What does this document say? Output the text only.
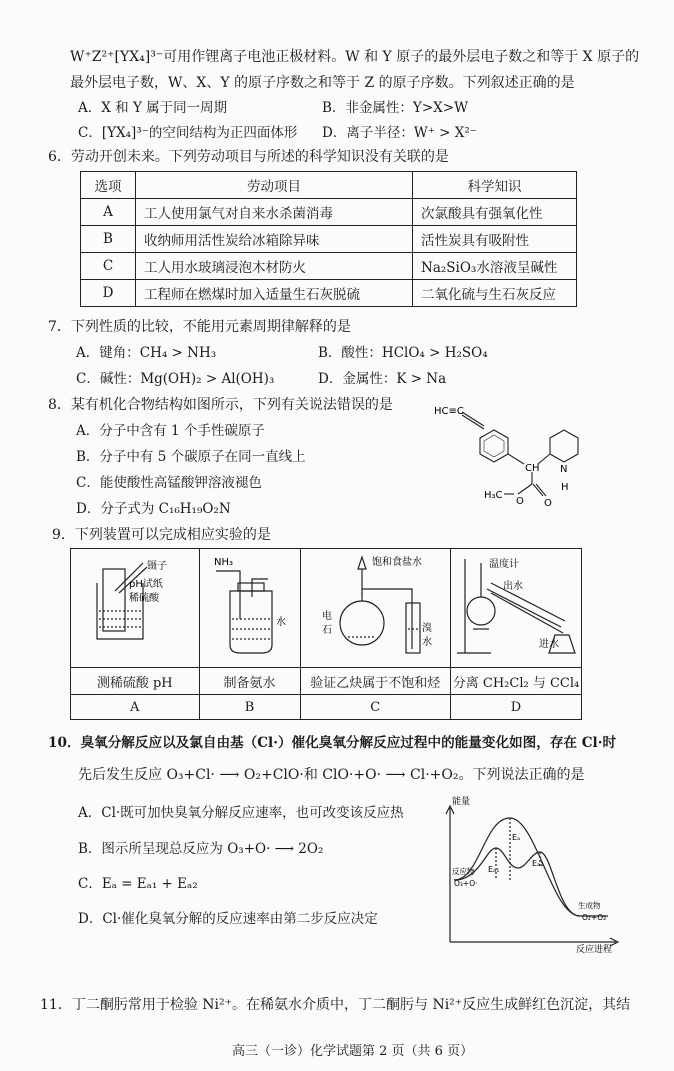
W⁺Z²⁺[YX₄]³⁻可用作锂离子电池正极材料。W 和 Y 原子的最外层电子数之和等于 X 原子的
最外层电子数，W、X、Y 的原子序数之和等于 Z 的原子序数。下列叙述正确的是
A．X 和 Y 属于同一周期	B．非金属性：Y>X>W
C．[YX₄]³⁻的空间结构为正四面体形 D．离子半径：W⁺ > X²⁻
6．劳动开创未来。下列劳动项目与所述的科学知识没有关联的是
选项	劳动项目	科学知识
A	工人使用氯气对自来水杀菌消毒	次氯酸具有强氧化性
B	收纳师用活性炭给冰箱除异味	活性炭具有吸附性
C	工人用水玻璃浸泡木材防火	Na₂SiO₃水溶液呈碱性
D	工程师在燃煤时加入适量生石灰脱硫	二氧化硫与生石灰反应
7．下列性质的比较，不能用元素周期律解释的是
A．键角：CH₄ > NH₃	B．酸性：HClO₄ > H₂SO₄
C．碱性：Mg(OH)₂ > Al(OH)₃	D．金属性：K > Na
8．某有机化合物结构如图所示，下列有关说法错误的是
A．分子中含有 1 个手性碳原子
B．分子中有 5 个碳原子在同一直线上
C．能使酸性高锰酸钾溶液褪色
D．分子式为 C₁₆H₁₉O₂N
HC≡C
CH N
H
H₃C
O O
9．下列装置可以完成相应实验的是
镊子
pH试纸
稀硫酸	NH₃
水	饱和食盐水
电
石 溴
水	温度计
出水
进水

测稀硫酸 pH	制备氨水	验证乙炔属于不饱和烃	分离 CH₂Cl₂ 与 CCl₄
A	B	C	D
10．臭氧分解反应以及氯自由基（Cl·）催化臭氧分解反应过程中的能量变化如图，存在 Cl·时
先后发生反应 O₃+Cl· ⟶ O₂+ClO·和 ClO·+O· ⟶ Cl·+O₂。下列说法正确的是
A．Cl·既可加快臭氧分解反应速率，也可改变该反应热
B．图示所呈现总反应为 O₃+O· ⟶ 2O₂
C．Eₐ = Eₐ₁ + Eₐ₂
D．Cl·催化臭氧分解的反应速率由第二步反应决定
能量
反应进程
反应物
O₃+O·
生成物
O₂+O₂
Eₐ
Eₐ₁
Eₐ₂
11．丁二酮肟常用于检验 Ni²⁺。在稀氨水介质中，丁二酮肟与 Ni²⁺反应生成鲜红色沉淀，其结
高三（一诊）化学试题第 2 页（共 6 页）
